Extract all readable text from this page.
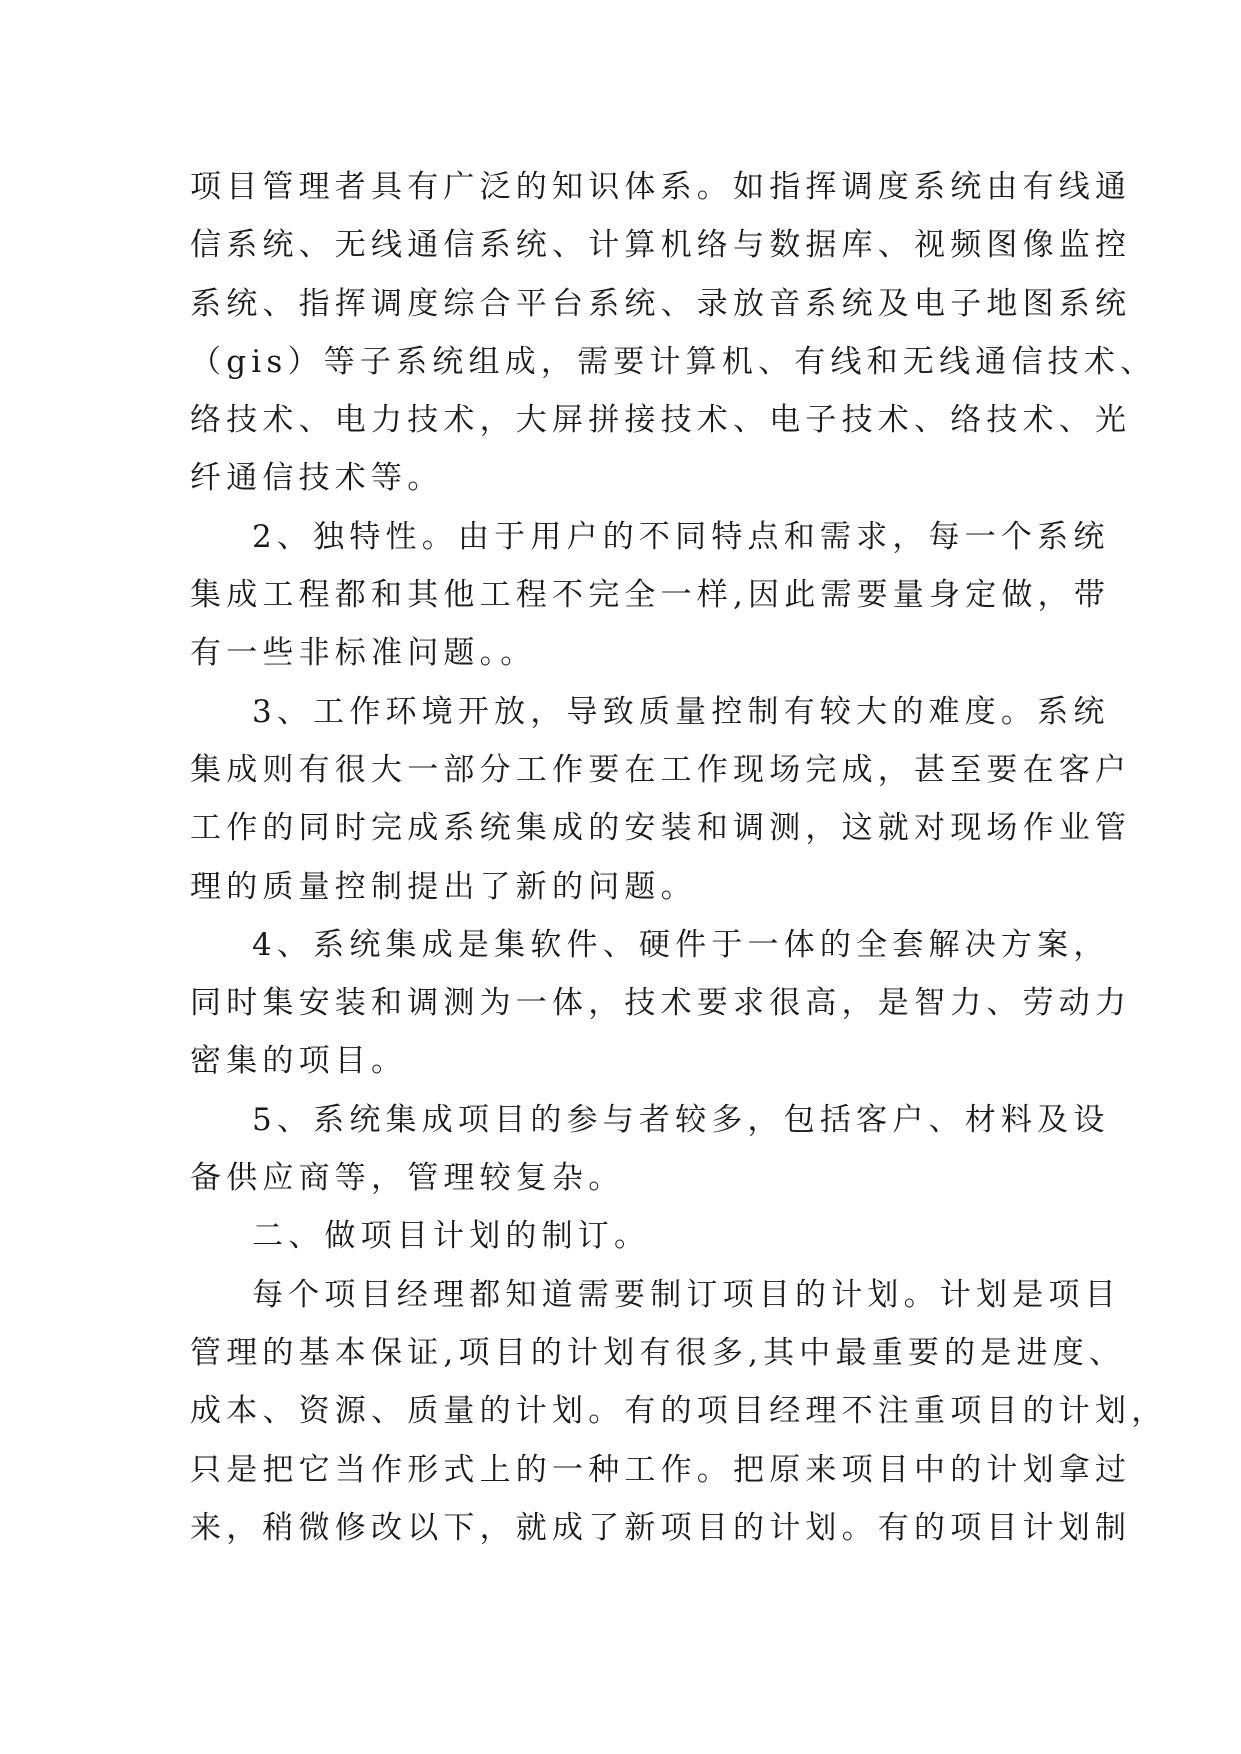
项目管理者具有广泛的知识体系。如指挥调度系统由有线通
信系统、无线通信系统、计算机络与数据库、视频图像监控
系统、指挥调度综合平台系统、录放音系统及电子地图系统
（gis）等子系统组成，需要计算机、有线和无线通信技术、
络技术、电力技术，大屏拼接技术、电子技术、络技术、光
纤通信技术等。
2、独特性。由于用户的不同特点和需求，每一个系统
集成工程都和其他工程不完全一样,因此需要量身定做，带
有一些非标准问题。。
3、工作环境开放，导致质量控制有较大的难度。系统
集成则有很大一部分工作要在工作现场完成，甚至要在客户
工作的同时完成系统集成的安装和调测，这就对现场作业管
理的质量控制提出了新的问题。
4、系统集成是集软件、硬件于一体的全套解决方案，
同时集安装和调测为一体，技术要求很高，是智力、劳动力
密集的项目。
5、系统集成项目的参与者较多，包括客户、材料及设
备供应商等，管理较复杂。
二、做项目计划的制订。
每个项目经理都知道需要制订项目的计划。计划是项目
管理的基本保证,项目的计划有很多,其中最重要的是进度、
成本、资源、质量的计划。有的项目经理不注重项目的计划，
只是把它当作形式上的一种工作。把原来项目中的计划拿过
来，稍微修改以下，就成了新项目的计划。有的项目计划制
